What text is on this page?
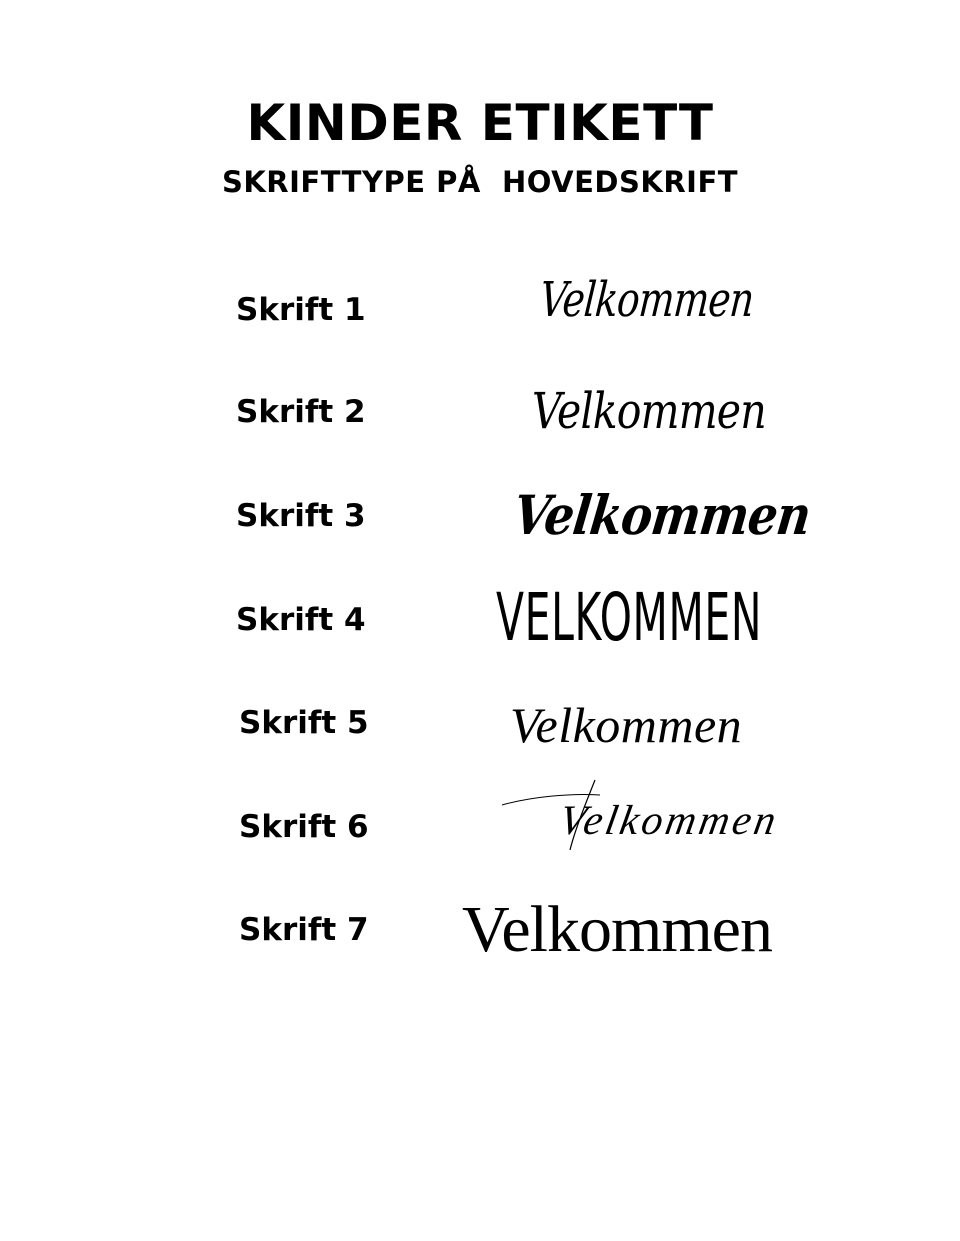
KINDER ETIKETT
SKRIFTTYPE PÅ  HOVEDSKRIFT
Skrift 1	Velkommen
Skrift 2	Velkommen
Skrift 3	Velkommen
Skrift 4 VELKOMMEN
Skrift 5	Velkommen
Skrift 6	Velkommen
Skrift 7 Velkommen
